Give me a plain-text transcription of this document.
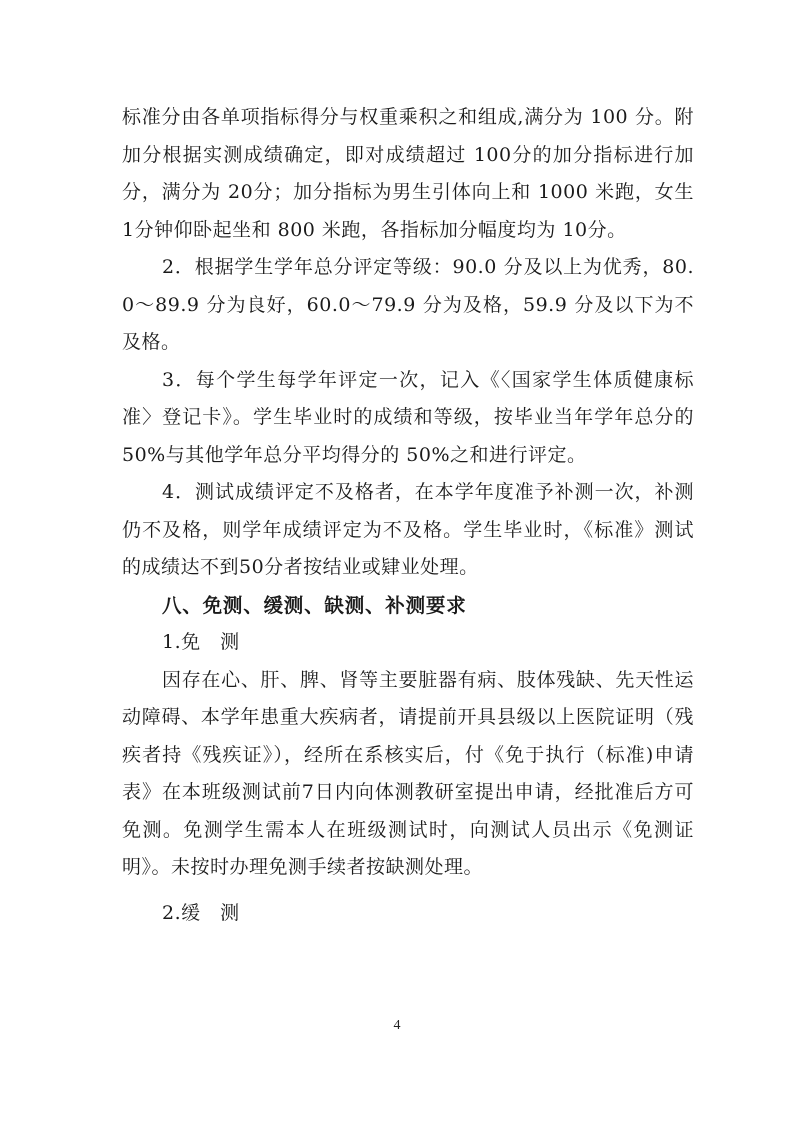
标准分由各单项指标得分与权重乘积之和组成,满分为 100 分。附加分根据实测成绩确定，即对成绩超过 100分的加分指标进行加分，满分为 20分；加分指标为男生引体向上和 1000 米跑，女生 1分钟仰卧起坐和 800 米跑，各指标加分幅度均为 10分。

2．根据学生学年总分评定等级：90.0 分及以上为优秀，80.0～89.9 分为良好，60.0～79.9 分为及格，59.9 分及以下为不及格。

3．每个学生每学年评定一次，记入《〈国家学生体质健康标准〉登记卡》。学生毕业时的成绩和等级，按毕业当年学年总分的 50%与其他学年总分平均得分的 50%之和进行评定。

4．测试成绩评定不及格者，在本学年度准予补测一次，补测仍不及格，则学年成绩评定为不及格。学生毕业时，《标准》测试的成绩达不到50分者按结业或肄业处理。

八、免测、缓测、缺测、补测要求

1.免　测

因存在心、肝、脾、肾等主要脏器有病、肢体残缺、先天性运动障碍、本学年患重大疾病者，请提前开具县级以上医院证明（残疾者持《残疾证》），经所在系核实后，付《免于执行（标准)申请表》在本班级测试前7日内向体测教研室提出申请，经批准后方可免测。免测学生需本人在班级测试时，向测试人员出示《免测证明》。未按时办理免测手续者按缺测处理。

2.缓　测

4
